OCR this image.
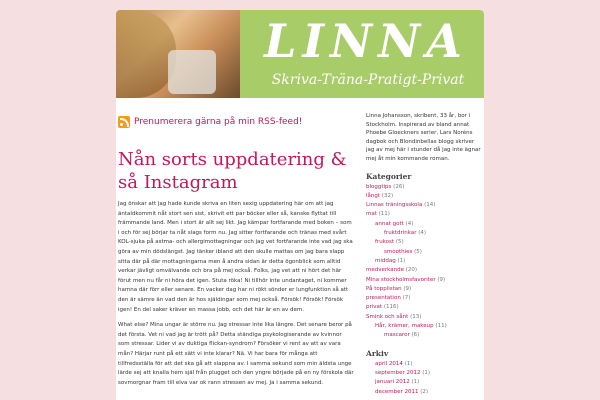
LINNA
Skriva-Träna-Pratigt-Privat
Prenumerera gärna på min RSS-feed!
Nån sorts uppdatering & så Instagram

Jag önskar att jag hade kunde skriva en liten sexig uppdatering här om att jag äntaldkommit nåt stort sen sist, skrivit ett par böcker eller så, kanske flyttat till främmande land. Men i stort är allt sej likt. Jag kämpar fortfarande med boken – som i och för sej börjar ta nåt slags form nu. Jag sitter fortfarande och tränas med svårt KOL-sjuka på astma- och allergimottagningar och jag vet fortfarande inte vad jag ska göra av min dödslängst. Jag tänker ibland att den skulle mattas om jag bara slapp sitta där på där mottagningarna men å andra sidan är detta ögonblick som alltid verkar jävligt omvälvande och bra på mej också. Folks, jag vet att ni hört det här förut men nu får ni höra det igen. Stuta röka! Ni tillhör inte undantaget, ni kommer hamna där förr eller senare. En vacker dag har ni rökt sönder er lungfunktion så att den är sämre än vad den är hos själdingar som mej också. Försök! Försök! Försök igen! En del saker kräver en massa jobb, och det här är en av dem.

What else? Mina ungar är större nu. Jag stressar inte lika längre. Det senare beror på det första. Vet ni vad jag är trött på? Detta ständiga psykologiserande av kvinnor som stressar. Lider vi av duktiga flickan-syndrom? Försöker vi rent av att av vara mån? Härjar runt på ett sätt vi inte klarar? Nä. Vi har bara för många att tillfredsställa för att det ska gå att slappna av. I samma sekund som min äldsta unge lärde sej att knalla hem själ från plugget och den yngre började på en ny förskola där sovmorgnar fram till elva var ok rann stressen av mej. Ja i samma sekund.

Linna Johansson, skribent, 33 år, bor i Stockholm. Inspirerad av bland annat Phoebe Gloeckners serier, Lars Noréns dagbok och Blondinbellas blogg skriver jag av mej här i stunder då jag inte ägnar mej åt min kommande roman.

Kategorier
bloggtips (26)
långt (32)
Linnas träningsskola (14)
mat (11)
annat gott (4)
fruktdrinkar (4)
frukost (5)
smoothies (5)
middag (1)
medverkande (20)
Mina stockholmsfavoriter (9)
På topplistan (9)
presentation (7)
privat (116)
Smink och sånt (13)
Hår, krämer, makeup (11)
mascaror (6)
Arkiv
april 2014 (1)
september 2012 (1)
januari 2012 (1)
december 2011 (2)
